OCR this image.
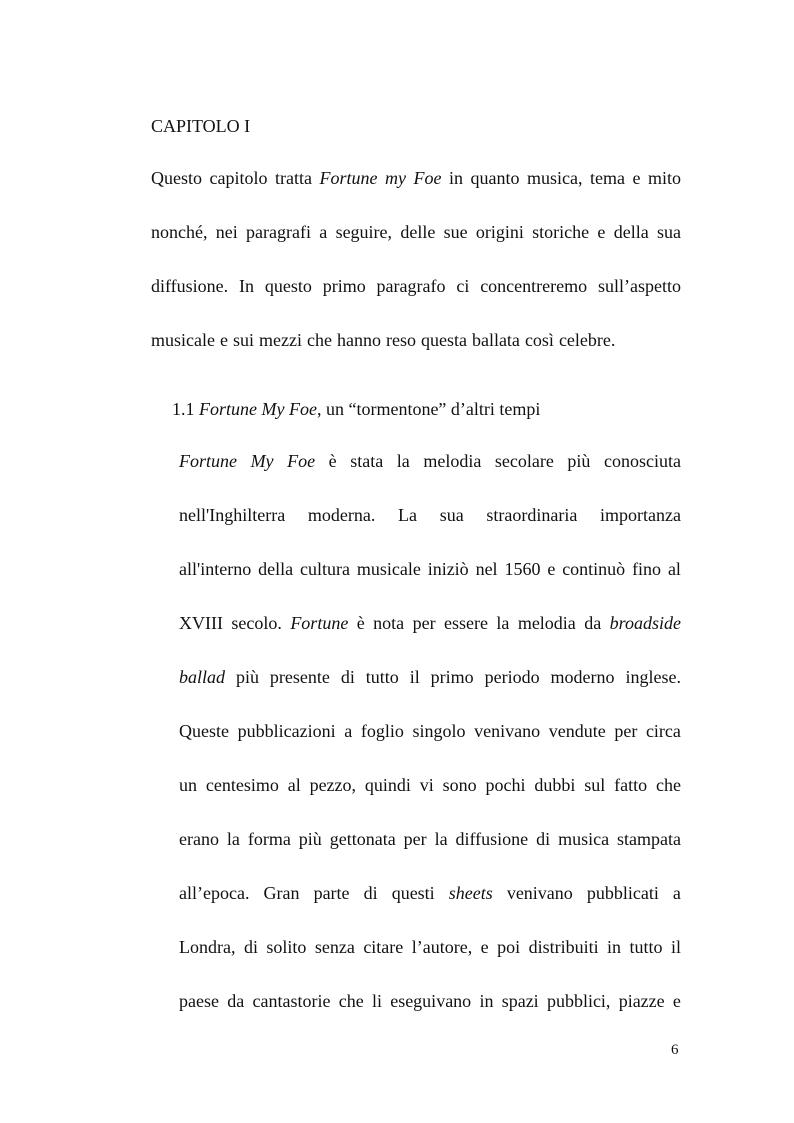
CAPITOLO I
Questo capitolo tratta Fortune my Foe in quanto musica, tema e mito
nonché, nei paragrafi a seguire, delle sue origini storiche e della sua
diffusione. In questo primo paragrafo ci concentreremo sull’aspetto
musicale e sui mezzi che hanno reso questa ballata così celebre.
1.1 Fortune My Foe, un “tormentone” d’altri tempi
Fortune My Foe è stata la melodia secolare più conosciuta
nell'Inghilterra moderna. La sua straordinaria importanza
all'interno della cultura musicale iniziò nel 1560 e continuò fino al
XVIII secolo. Fortune è nota per essere la melodia da broadside
ballad più presente di tutto il primo periodo moderno inglese.
Queste pubblicazioni a foglio singolo venivano vendute per circa
un centesimo al pezzo, quindi vi sono pochi dubbi sul fatto che
erano la forma più gettonata per la diffusione di musica stampata
all’epoca. Gran parte di questi sheets venivano pubblicati a
Londra, di solito senza citare l’autore, e poi distribuiti in tutto il
paese da cantastorie che li eseguivano in spazi pubblici, piazze e
6
